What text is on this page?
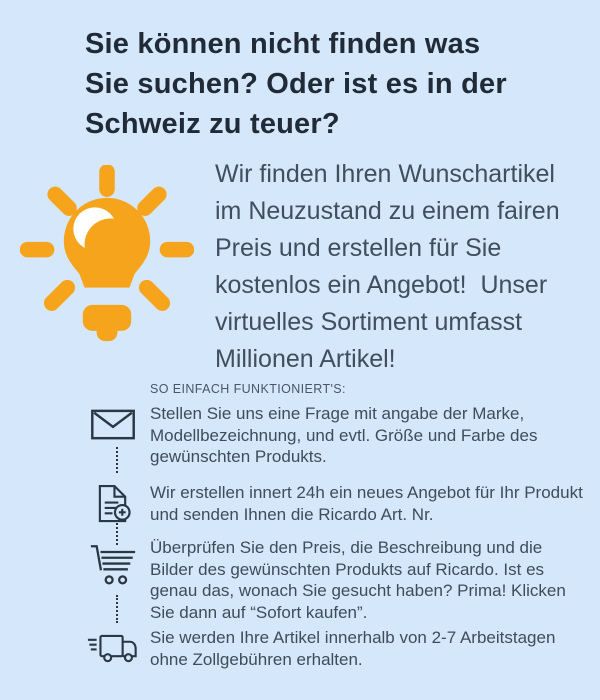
Sie können nicht finden was
Sie suchen? Oder ist es in der
Schweiz zu teuer?
Wir finden Ihren Wunschartikel
im Neuzustand zu einem fairen
Preis und erstellen für Sie
kostenlos ein Angebot!  Unser
virtuelles Sortiment umfasst
Millionen Artikel!
SO EINFACH FUNKTIONIERT'S:
Stellen Sie uns eine Frage mit angabe der Marke, Modellbezeichnung, und evtl. Größe und Farbe des gewünschten Produkts.
Wir erstellen innert 24h ein neues Angebot für Ihr Produkt und senden Ihnen die Ricardo Art. Nr.
Überprüfen Sie den Preis, die Beschreibung und die Bilder des gewünschten Produkts auf Ricardo. Ist es genau das, wonach Sie gesucht haben? Prima! Klicken Sie dann auf “Sofort kaufen”.
Sie werden Ihre Artikel innerhalb von 2-7 Arbeitstagen ohne Zollgebühren erhalten.
